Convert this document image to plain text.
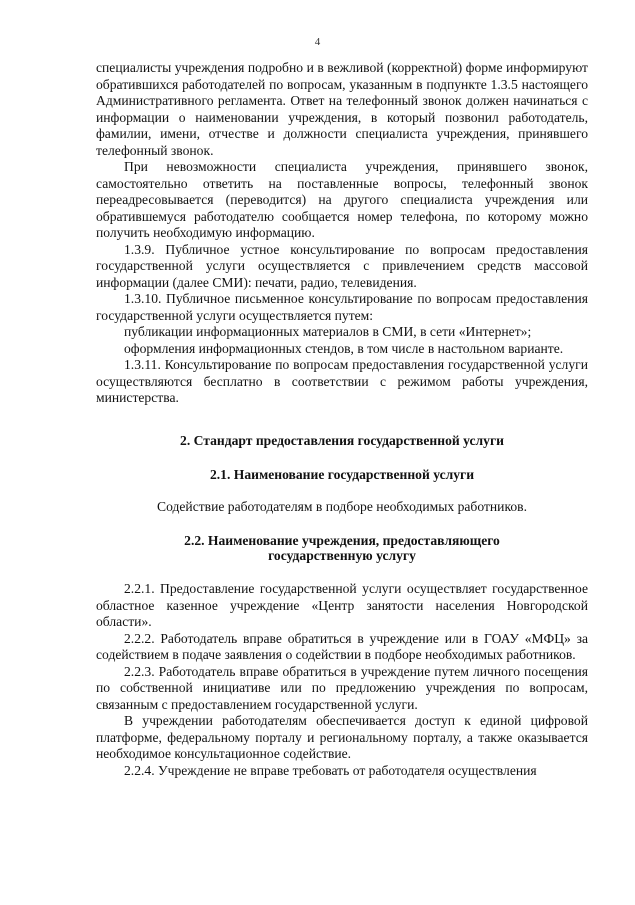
4

специалисты учреждения подробно и в вежливой (корректной) форме информируют обратившихся работодателей по вопросам, указанным в подпункте 1.3.5 настоящего Административного регламента. Ответ на телефонный звонок должен начинаться с информации о наименовании учреждения, в который позвонил работодатель, фамилии, имени, отчестве и должности специалиста учреждения, принявшего телефонный звонок.

При невозможности специалиста учреждения, принявшего звонок, самостоятельно ответить на поставленные вопросы, телефонный звонок переадресовывается (переводится) на другого специалиста учреждения или обратившемуся работодателю сообщается номер телефона, по которому можно получить необходимую информацию.

1.3.9. Публичное устное консультирование по вопросам предоставления государственной услуги осуществляется с привлечением средств массовой информации (далее СМИ): печати, радио, телевидения.

1.3.10. Публичное письменное консультирование по вопросам предоставления государственной услуги осуществляется путем:

публикации информационных материалов в СМИ, в сети «Интернет»;

оформления информационных стендов, в том числе в настольном варианте.

1.3.11. Консультирование по вопросам предоставления государственной услуги осуществляются бесплатно в соответствии с режимом работы учреждения, министерства.

2. Стандарт предоставления государственной услуги

2.1. Наименование государственной услуги

Содействие работодателям в подборе необходимых работников.

2.2. Наименование учреждения, предоставляющего

государственную услугу

2.2.1. Предоставление государственной услуги осуществляет государственное областное казенное учреждение «Центр занятости населения Новгородской области».

2.2.2. Работодатель вправе обратиться в учреждение или в ГОАУ «МФЦ» за содействием в подаче заявления о содействии в подборе необходимых работников.

2.2.3. Работодатель вправе обратиться в учреждение путем личного посещения по собственной инициативе или по предложению учреждения по вопросам, связанным с предоставлением государственной услуги.

В учреждении работодателям обеспечивается доступ к единой цифровой платформе, федеральному порталу и региональному порталу, а также оказывается необходимое консультационное содействие.

2.2.4. Учреждение не вправе требовать от работодателя осуществления
